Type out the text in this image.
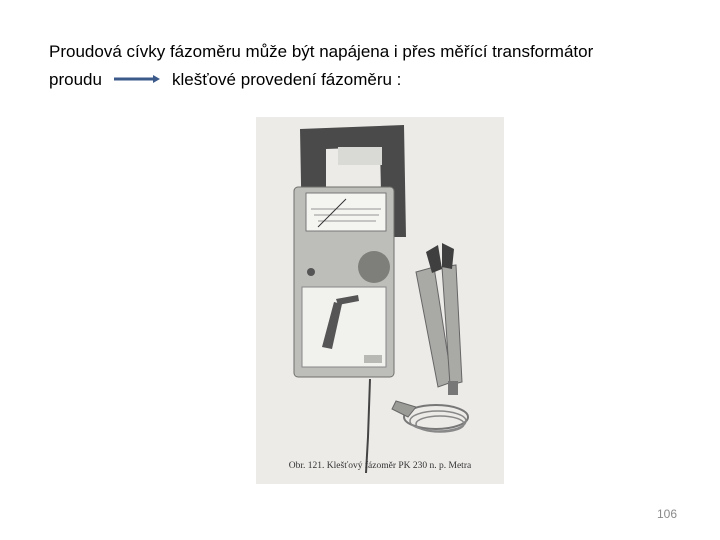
Proudová cívky fázoměru může být napájena i přes měřící transformátor
proudu	klešťové provedení fázoměru :
Obr. 121. Klešťový fázoměr PK 230 n. p. Metra
106
